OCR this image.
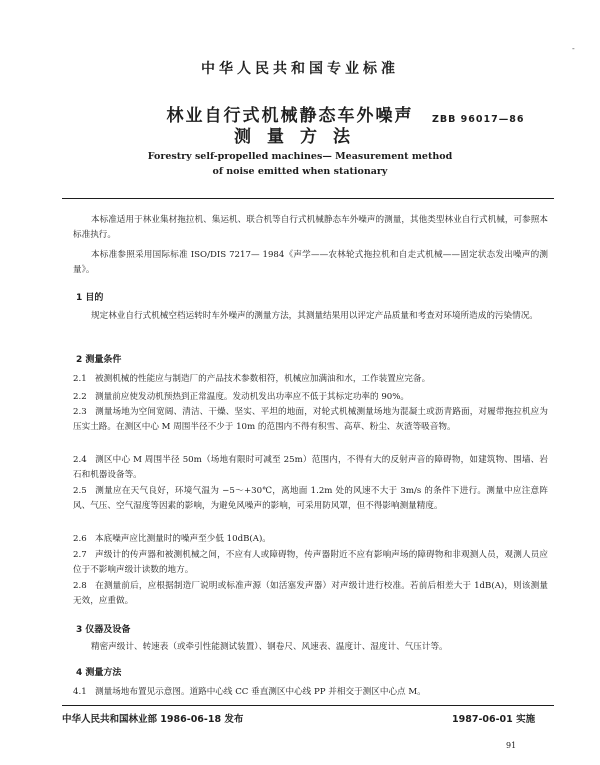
中华人民共和国专业标准
-
林业自行式机械静态车外噪声
测量方法
ZBB 96017—86
Forestry self-propelled machines— Measurement method
of noise emitted when stationary
本标准适用于林业集材拖拉机、集运机、联合机等自行式机械静态车外噪声的测量，其他类型林业自行式机械，可参照本标准执行。
本标准参照采用国际标准 ISO/DIS 7217— 1984《声学——农林轮式拖拉机和自走式机械——固定状态发出噪声的测量》。
1 目的
规定林业自行式机械空档运转时车外噪声的测量方法，其测量结果用以评定产品质量和考查对环境所造成的污染情况。
2 测量条件
2.1 被测机械的性能应与制造厂的产品技术参数相符，机械应加满油和水，工作装置应完备。
2.2 测量前应使发动机预热到正常温度。发动机发出功率应不低于其标定功率的 90%。
2.3 测量场地为空间宽阔、清洁、干燥、坚实、平坦的地面，对轮式机械测量场地为混凝土或沥青路面，对履带拖拉机应为压实土路。在测区中心 M 周围半径不少于 10m 的范围内不得有积雪、高草、粉尘、灰渣等吸音物。
2.4 测区中心 M 周围半径 50m（场地有限时可减至 25m）范围内，不得有大的反射声音的障碍物，如建筑物、围墙、岩石和机器设备等。
2.5 测量应在天气良好，环境气温为 −5～+30℃，离地面 1.2m 处的风速不大于 3m/s 的条件下进行。测量中应注意阵风、气压、空气湿度等因素的影响，为避免风噪声的影响，可采用防风罩，但不得影响测量精度。
2.6 本底噪声应比测量时的噪声至少低 10dB(A)。
2.7 声级计的传声器和被测机械之间，不应有人或障碍物，传声器附近不应有影响声场的障碍物和非观测人员，观测人员应位于不影响声级计读数的地方。
2.8 在测量前后，应根据制造厂说明或标准声源（如活塞发声器）对声级计进行校准。若前后相差大于 1dB(A)，则该测量无效，应重做。
3 仪器及设备
精密声级计、转速表（或牵引性能测试装置）、钢卷尺、风速表、温度计、湿度计、气压计等。
4 测量方法
4.1 测量场地布置见示意图。道路中心线 CC 垂直测区中心线 PP 并相交于测区中心点 M。
中华人民共和国林业部 1986-06-18 发布	1987-06-01 实施
91
